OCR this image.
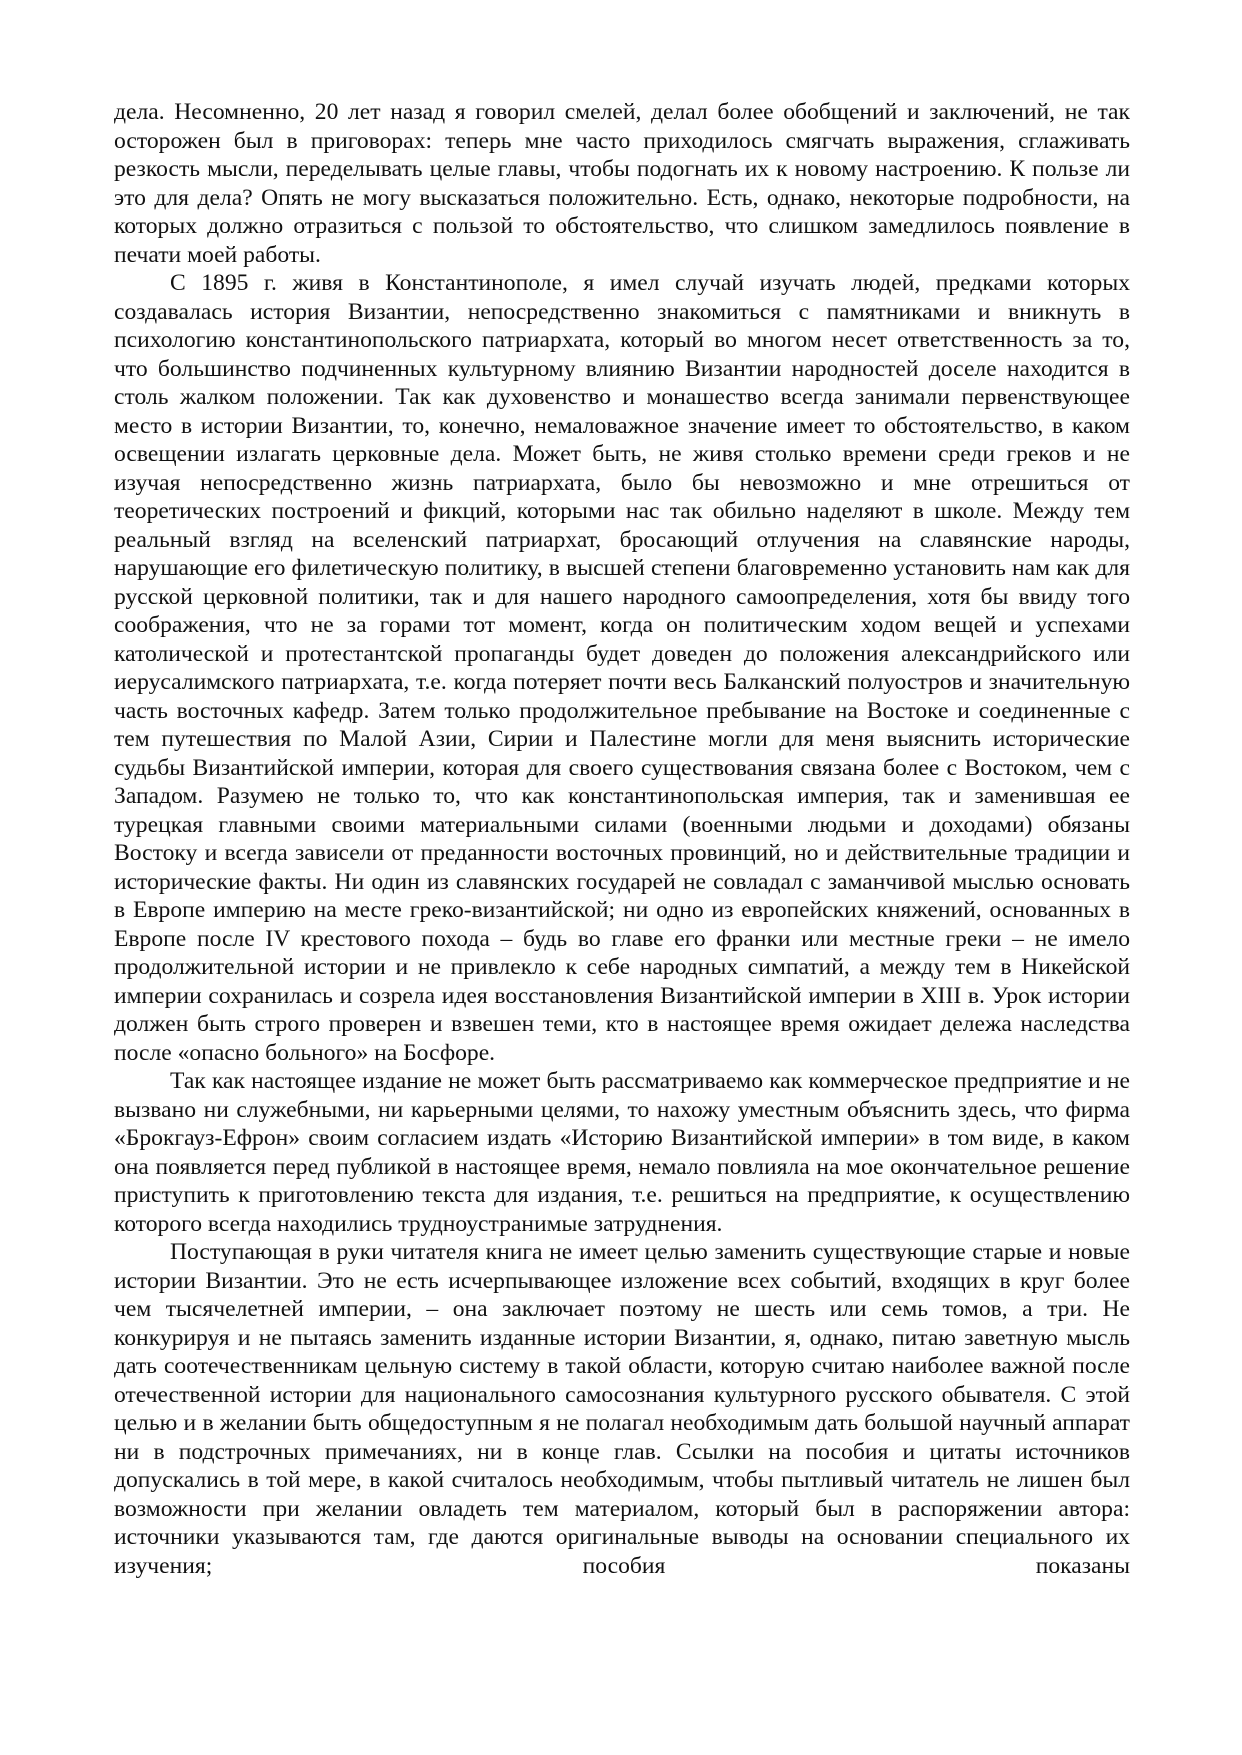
дела. Несомненно, 20 лет назад я говорил смелей, делал более обобщений и заключений, не так осторожен был в приговорах: теперь мне часто приходилось смягчать выражения, сглаживать резкость мысли, переделывать целые главы, чтобы подогнать их к новому настроению. К пользе ли это для дела? Опять не могу высказаться положительно. Есть, однако, некоторые подробности, на которых должно отразиться с пользой то обстоятельство, что слишком замедлилось появление в печати моей работы.

С 1895 г. живя в Константинополе, я имел случай изучать людей, предками которых создавалась история Византии, непосредственно знакомиться с памятниками и вникнуть в психологию константинопольского патриархата, который во многом несет ответственность за то, что большинство подчиненных культурному влиянию Византии народностей доселе находится в столь жалком положении. Так как духовенство и монашество всегда занимали первенствующее место в истории Византии, то, конечно, немаловажное значение имеет то обстоятельство, в каком освещении излагать церковные дела. Может быть, не живя столько времени среди греков и не изучая непосредственно жизнь патриархата, было бы невозможно и мне отрешиться от теоретических построений и фикций, которыми нас так обильно наделяют в школе. Между тем реальный взгляд на вселенский патриархат, бросающий отлучения на славянские народы, нарушающие его филетическую политику, в высшей степени благовременно установить нам как для русской церковной политики, так и для нашего народного самоопределения, хотя бы ввиду того соображения, что не за горами тот момент, когда он политическим ходом вещей и успехами католической и протестантской пропаганды будет доведен до положения александрийского или иерусалимского патриархата, т.е. когда потеряет почти весь Балканский полуостров и значительную часть восточных кафедр. Затем только продолжительное пребывание на Востоке и соединенные с тем путешествия по Малой Азии, Сирии и Палестине могли для меня выяснить исторические судьбы Византийской империи, которая для своего существования связана более с Востоком, чем с Западом. Разумею не только то, что как константинопольская империя, так и заменившая ее турецкая главными своими материальными силами (военными людьми и доходами) обязаны Востоку и всегда зависели от преданности восточных провинций, но и действительные традиции и исторические факты. Ни один из славянских государей не совладал с заманчивой мыслью основать в Европе империю на месте греко-византийской; ни одно из европейских княжений, основанных в Европе после IV крестового похода – будь во главе его франки или местные греки – не имело продолжительной истории и не привлекло к себе народных симпатий, а между тем в Никейской империи сохранилась и созрела идея восстановления Византийской империи в XIII в. Урок истории должен быть строго проверен и взвешен теми, кто в настоящее время ожидает дележа наследства после «опасно больного» на Босфоре.

Так как настоящее издание не может быть рассматриваемо как коммерческое предприятие и не вызвано ни служебными, ни карьерными целями, то нахожу уместным объяснить здесь, что фирма «Брокгауз-Ефрон» своим согласием издать «Историю Византийской империи» в том виде, в каком она появляется перед публикой в настоящее время, немало повлияла на мое окончательное решение приступить к приготовлению текста для издания, т.е. решиться на предприятие, к осуществлению которого всегда находились трудноустранимые затруднения.

Поступающая в руки читателя книга не имеет целью заменить существующие старые и новые истории Византии. Это не есть исчерпывающее изложение всех событий, входящих в круг более чем тысячелетней империи, – она заключает поэтому не шесть или семь томов, а три. Не конкурируя и не пытаясь заменить изданные истории Византии, я, однако, питаю заветную мысль дать соотечественникам цельную систему в такой области, которую считаю наиболее важной после отечественной истории для национального самосознания культурного русского обывателя. С этой целью и в желании быть общедоступным я не полагал необходимым дать большой научный аппарат ни в подстрочных примечаниях, ни в конце глав. Ссылки на пособия и цитаты источников допускались в той мере, в какой считалось необходимым, чтобы пытливый читатель не лишен был возможности при желании овладеть тем материалом, который был в распоряжении автора: источники указываются там, где даются оригинальные выводы на основании специального их изучения; пособия показаны
